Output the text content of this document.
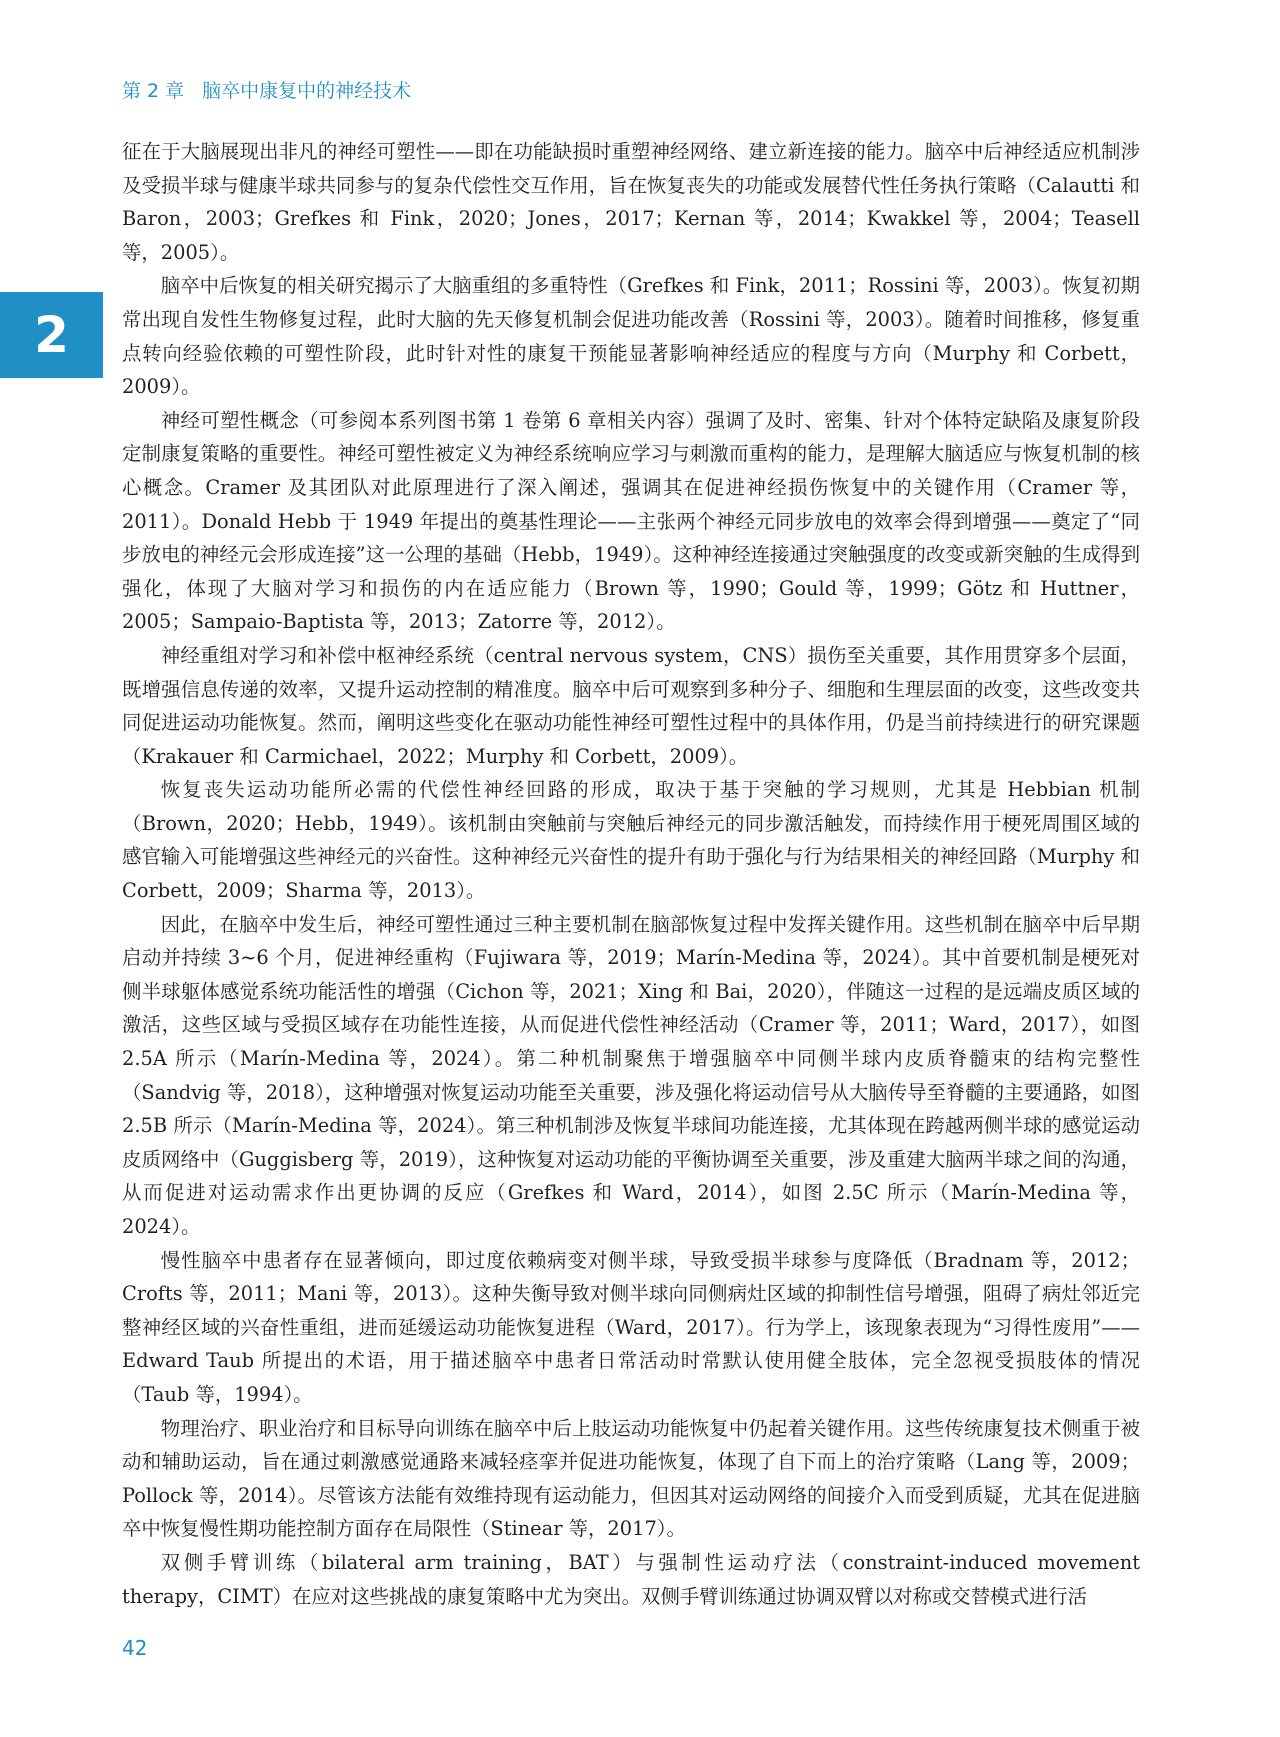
第 2 章 脑卒中康复中的神经技术
2

征在于大脑展现出非凡的神经可塑性——即在功能缺损时重塑神经网络、建立新连接的能力。脑卒中后神经适应机制涉及受损半球与健康半球共同参与的复杂代偿性交互作用，旨在恢复丧失的功能或发展替代性任务执行策略（Calautti 和 Baron，2003；Grefkes 和 Fink，2020；Jones，2017；Kernan 等，2014；Kwakkel 等，2004；Teasell 等，2005）。

脑卒中后恢复的相关研究揭示了大脑重组的多重特性（Grefkes 和 Fink，2011；Rossini 等，2003）。恢复初期常出现自发性生物修复过程，此时大脑的先天修复机制会促进功能改善（Rossini 等，2003）。随着时间推移，修复重点转向经验依赖的可塑性阶段，此时针对性的康复干预能显著影响神经适应的程度与方向（Murphy 和 Corbett，2009）。

神经可塑性概念（可参阅本系列图书第 1 卷第 6 章相关内容）强调了及时、密集、针对个体特定缺陷及康复阶段定制康复策略的重要性。神经可塑性被定义为神经系统响应学习与刺激而重构的能力，是理解大脑适应与恢复机制的核心概念。Cramer 及其团队对此原理进行了深入阐述，强调其在促进神经损伤恢复中的关键作用（Cramer 等，2011）。Donald Hebb 于 1949 年提出的奠基性理论——主张两个神经元同步放电的效率会得到增强——奠定了“同步放电的神经元会形成连接”这一公理的基础（Hebb，1949）。这种神经连接通过突触强度的改变或新突触的生成得到强化，体现了大脑对学习和损伤的内在适应能力（Brown 等，1990；Gould 等，1999；Götz 和 Huttner，2005；Sampaio-Baptista 等，2013；Zatorre 等，2012）。

神经重组对学习和补偿中枢神经系统（central nervous system，CNS）损伤至关重要，其作用贯穿多个层面，既增强信息传递的效率，又提升运动控制的精准度。脑卒中后可观察到多种分子、细胞和生理层面的改变，这些改变共同促进运动功能恢复。然而，阐明这些变化在驱动功能性神经可塑性过程中的具体作用，仍是当前持续进行的研究课题（Krakauer 和 Carmichael，2022；Murphy 和 Corbett，2009）。

恢复丧失运动功能所必需的代偿性神经回路的形成，取决于基于突触的学习规则，尤其是 Hebbian 机制（Brown，2020；Hebb，1949）。该机制由突触前与突触后神经元的同步激活触发，而持续作用于梗死周围区域的感官输入可能增强这些神经元的兴奋性。这种神经元兴奋性的提升有助于强化与行为结果相关的神经回路（Murphy 和 Corbett，2009；Sharma 等，2013）。

因此，在脑卒中发生后，神经可塑性通过三种主要机制在脑部恢复过程中发挥关键作用。这些机制在脑卒中后早期启动并持续 3~6 个月，促进神经重构（Fujiwara 等，2019；Marín-Medina 等，2024）。其中首要机制是梗死对侧半球躯体感觉系统功能活性的增强（Cichon 等，2021；Xing 和 Bai，2020），伴随这一过程的是远端皮质区域的激活，这些区域与受损区域存在功能性连接，从而促进代偿性神经活动（Cramer 等，2011；Ward，2017），如图 2.5A 所示（Marín-Medina 等，2024）。第二种机制聚焦于增强脑卒中同侧半球内皮质脊髓束的结构完整性（Sandvig 等，2018），这种增强对恢复运动功能至关重要，涉及强化将运动信号从大脑传导至脊髓的主要通路，如图 2.5B 所示（Marín-Medina 等，2024）。第三种机制涉及恢复半球间功能连接，尤其体现在跨越两侧半球的感觉运动皮质网络中（Guggisberg 等，2019），这种恢复对运动功能的平衡协调至关重要，涉及重建大脑两半球之间的沟通，从而促进对运动需求作出更协调的反应（Grefkes 和 Ward，2014），如图 2.5C 所示（Marín-Medina 等，2024）。

慢性脑卒中患者存在显著倾向，即过度依赖病变对侧半球，导致受损半球参与度降低（Bradnam 等，2012；Crofts 等，2011；Mani 等，2013）。这种失衡导致对侧半球向同侧病灶区域的抑制性信号增强，阻碍了病灶邻近完整神经区域的兴奋性重组，进而延缓运动功能恢复进程（Ward，2017）。行为学上，该现象表现为“习得性废用”——Edward Taub 所提出的术语，用于描述脑卒中患者日常活动时常默认使用健全肢体，完全忽视受损肢体的情况（Taub 等，1994）。

物理治疗、职业治疗和目标导向训练在脑卒中后上肢运动功能恢复中仍起着关键作用。这些传统康复技术侧重于被动和辅助运动，旨在通过刺激感觉通路来减轻痉挛并促进功能恢复，体现了自下而上的治疗策略（Lang 等，2009；Pollock 等，2014）。尽管该方法能有效维持现有运动能力，但因其对运动网络的间接介入而受到质疑，尤其在促进脑卒中恢复慢性期功能控制方面存在局限性（Stinear 等，2017）。

双侧手臂训练（bilateral arm training，BAT）与强制性运动疗法（constraint-induced movement therapy，CIMT）在应对这些挑战的康复策略中尤为突出。双侧手臂训练通过协调双臂以对称或交替模式进行活

42
